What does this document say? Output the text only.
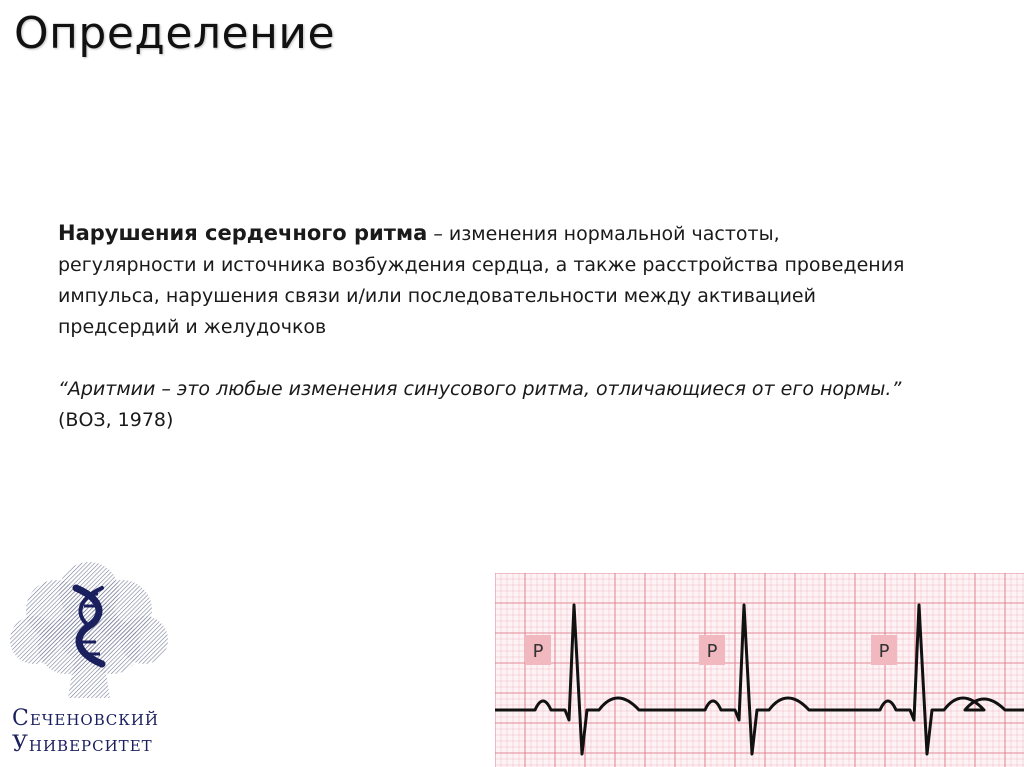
Определение

Нарушения сердечного ритма – изменения нормальной частоты, регулярности и источника возбуждения сердца, а также расстройства проведения импульса, нарушения связи и/или последовательности между активацией предсердий и желудочков

“Аритмии – это любые изменения синусового ритма, отличающиеся от его нормы.” (ВОЗ, 1978)

Сеченовский
Университет
P	P	P
